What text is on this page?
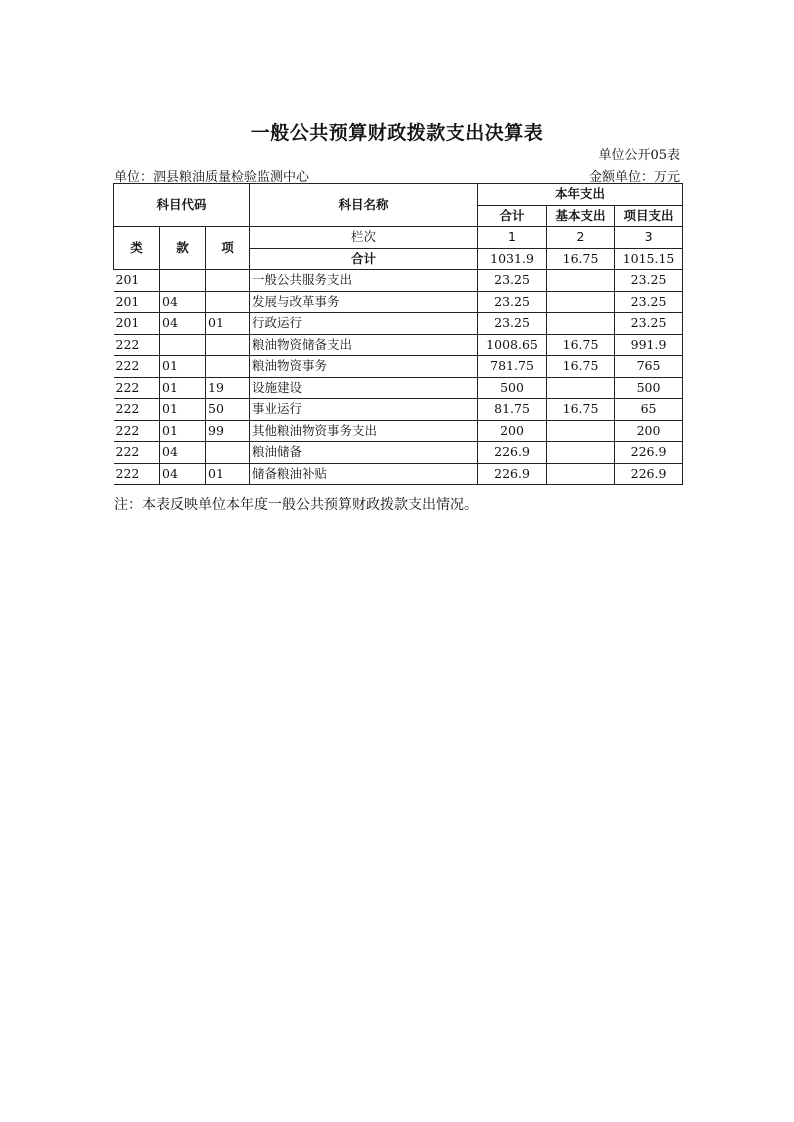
一般公共预算财政拨款支出决算表
单位公开05表
单位：泗县粮油质量检验监测中心	金额单位：万元
科目代码			科目名称	本年支出		
				合计	基本支出	项目支出
类	款	项	栏次	1	2	3
			合计	1031.9	16.75	1015.15
201			一般公共服务支出	23.25		23.25
201	04		发展与改革事务	23.25		23.25
201	04	01	行政运行	23.25		23.25
222			粮油物资储备支出	1008.65	16.75	991.9
222	01		粮油物资事务	781.75	16.75	765
222	01	19	设施建设	500		500
222	01	50	事业运行	81.75	16.75	65
222	01	99	其他粮油物资事务支出	200		200
222	04		粮油储备	226.9		226.9
222	04	01	储备粮油补贴	226.9		226.9
注：本表反映单位本年度一般公共预算财政拨款支出情况。
